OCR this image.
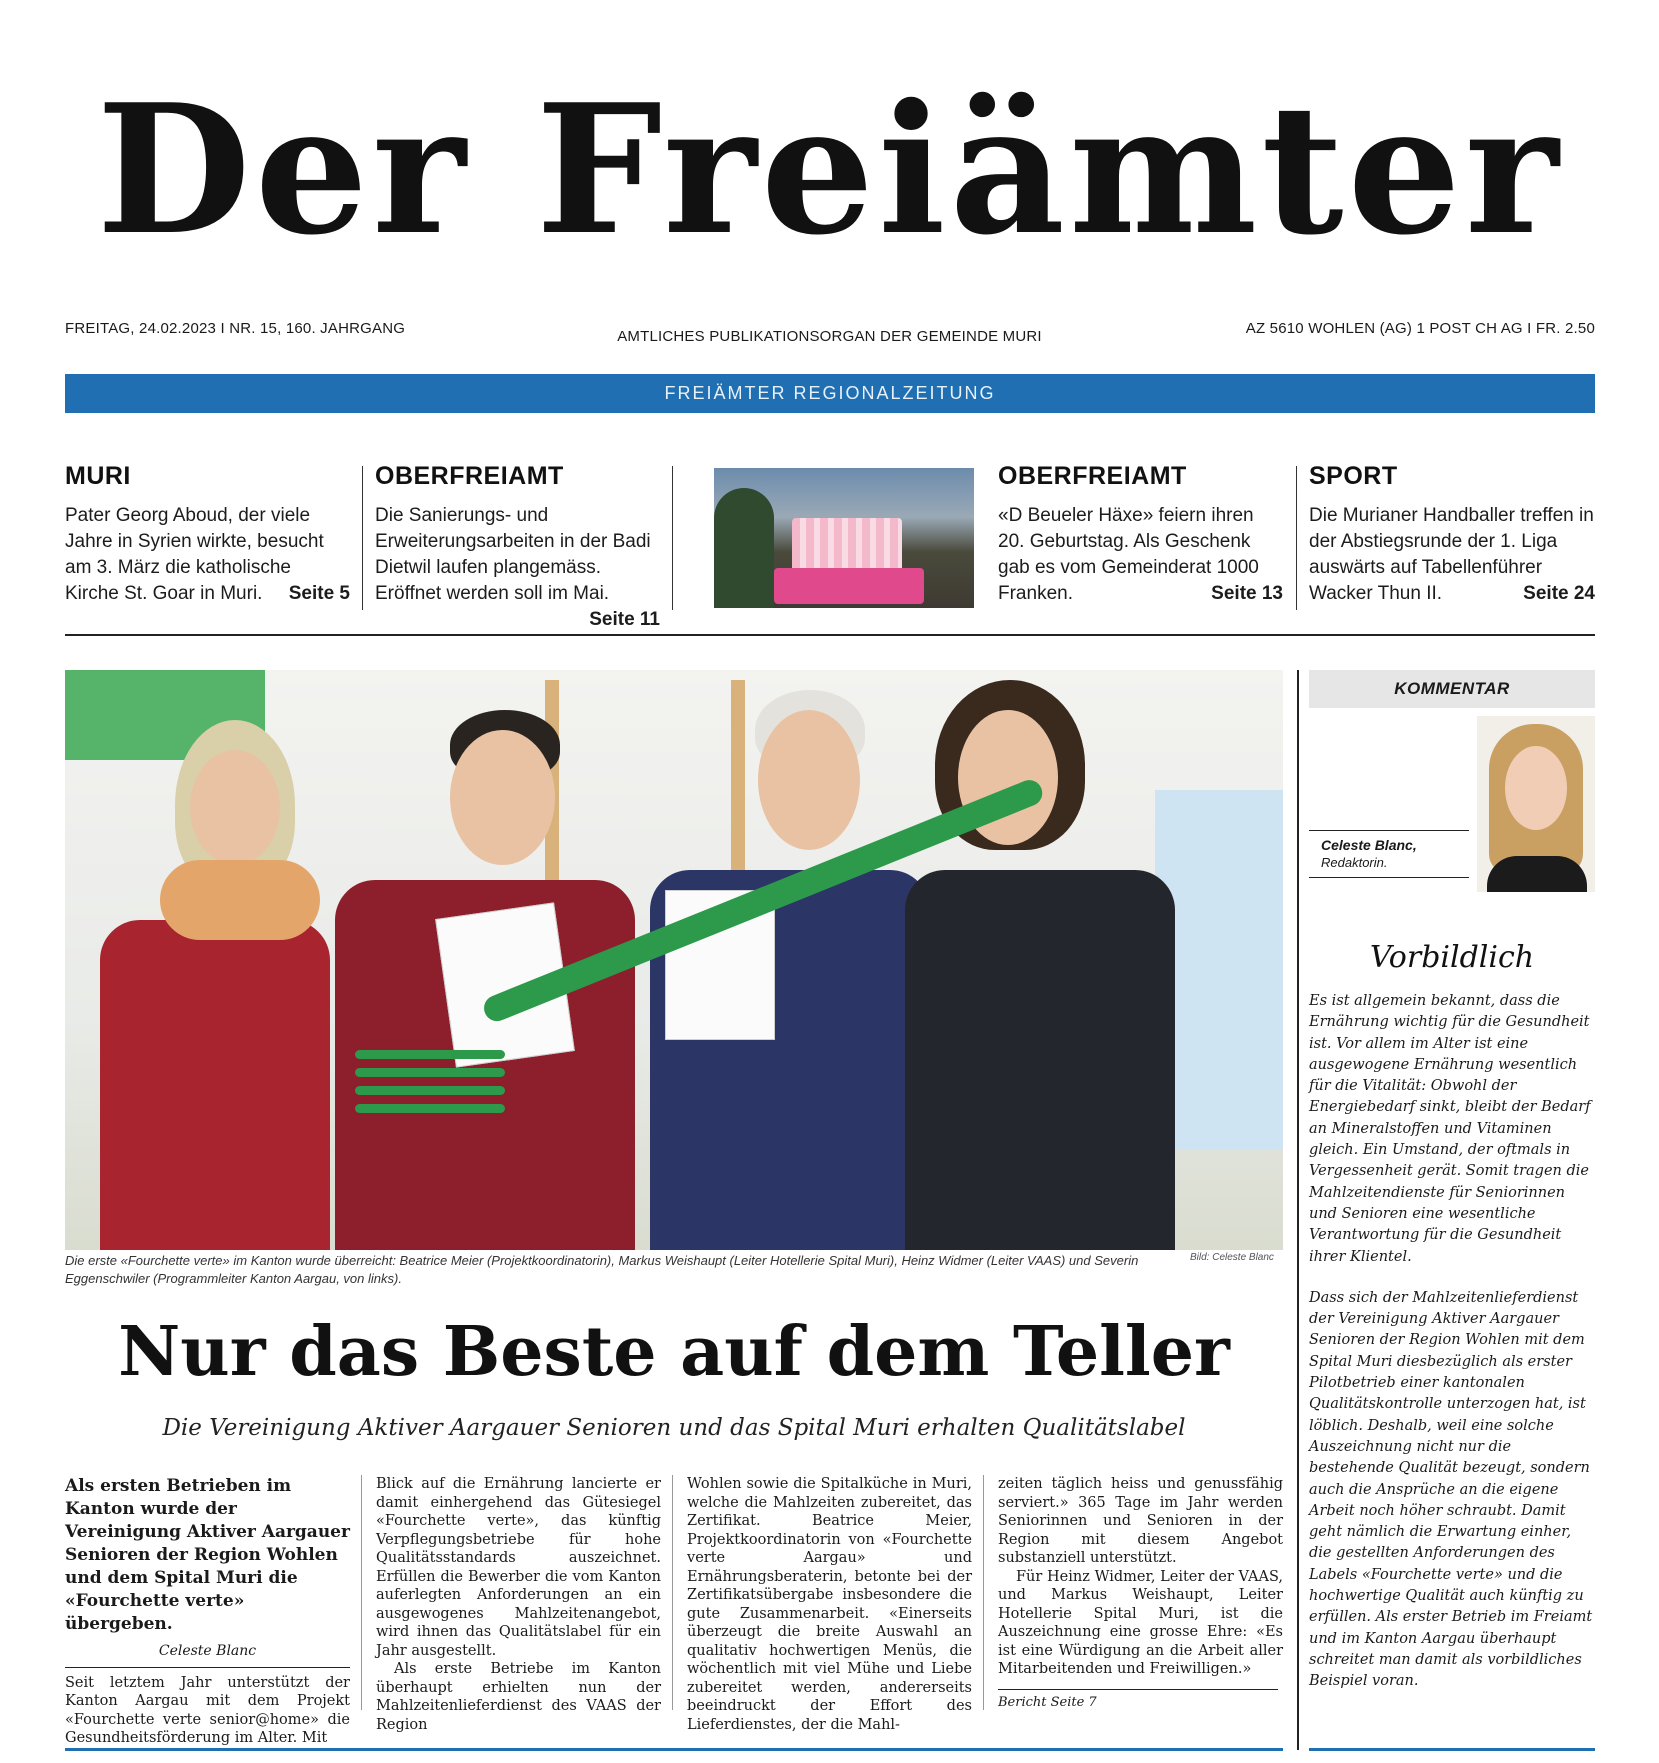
Der Freiämter
FREITAG, 24.02.2023 I NR. 15, 160. JAHRGANG	AMTLICHES PUBLIKATIONSORGAN DER GEMEINDE MURI	AZ 5610 WOHLEN (AG) 1 POST CH AG I FR. 2.50
FREIÄMTER REGIONALZEITUNG
MURI

Pater Georg Aboud, der viele Jahre in Syrien wirkte, besucht am 3. März die katholische Kirche St. Goar in Muri. Seite 5

OBERFREIAMT

Die Sanierungs- und Erweiterungsarbeiten in der Badi Dietwil laufen plangemäss. Eröffnet werden soll im Mai.
Seite 11

OBERFREIAMT

«D Beueler Häxe» feiern ihren 20. Geburtstag. Als Geschenk gab es vom Gemeinderat 1000 Franken.	Seite 13

SPORT

Die Murianer Handballer treffen in der Abstiegsrunde der 1. Liga auswärts auf Tabellenführer Wacker Thun II.	Seite 24

Die erste «Fourchette verte» im Kanton wurde überreicht: Beatrice Meier (Projektkoordinatorin), Markus Weishaupt (Leiter Hotellerie Spital Muri), Heinz Widmer (Leiter VAAS) und Severin Eggenschwiler (Programmleiter Kanton Aargau, von links).
Bild: Celeste Blanc
Nur das Beste auf dem Teller
Die Vereinigung Aktiver Aargauer Senioren und das Spital Muri erhalten Qualitätslabel
Als ersten Betrieben im Kanton wurde der Vereinigung Aktiver Aargauer Senioren der Region Wohlen und dem Spital Muri die «Fourchette verte» übergeben.
Celeste Blanc

Seit letztem Jahr unterstützt der Kanton Aargau mit dem Projekt «Fourchette verte senior@home» die Gesundheitsförderung im Alter. Mit

Blick auf die Ernährung lancierte er damit einhergehend das Gütesiegel «Fourchette verte», das künftig Verpflegungsbetriebe für hohe Qualitätsstandards auszeichnet. Erfüllen die Bewerber die vom Kanton auferlegten Anforderungen an ein ausgewogenes Mahlzeitenangebot, wird ihnen das Qualitätslabel für ein Jahr ausgestellt.

Als erste Betriebe im Kanton überhaupt erhielten nun der Mahlzeitenlieferdienst des VAAS der Region

Wohlen sowie die Spitalküche in Muri, welche die Mahlzeiten zubereitet, das Zertifikat. Beatrice Meier, Projektkoordinatorin von «Fourchette verte Aargau» und Ernährungsberaterin, betonte bei der Zertifikatsübergabe insbesondere die gute Zusammenarbeit. «Einerseits überzeugt die breite Auswahl an qualitativ hochwertigen Menüs, die wöchentlich mit viel Mühe und Liebe zubereitet werden, andererseits beeindruckt der Effort des Lieferdienstes, der die Mahl-

zeiten täglich heiss und genussfähig serviert.» 365 Tage im Jahr werden Seniorinnen und Senioren in der Region mit diesem Angebot substanziell unterstützt.

Für Heinz Widmer, Leiter der VAAS, und Markus Weishaupt, Leiter Hotellerie Spital Muri, ist die Auszeichnung eine grosse Ehre: «Es ist eine Würdigung an die Arbeit aller Mitarbeitenden und Freiwilligen.»

Bericht Seite 7
KOMMENTAR
Celeste Blanc,
Redaktorin.
Vorbildlich

Es ist allgemein bekannt, dass die Ernährung wichtig für die Gesundheit ist. Vor allem im Alter ist eine ausgewogene Ernährung wesentlich für die Vitalität: Obwohl der Energiebedarf sinkt, bleibt der Bedarf an Mineralstoffen und Vitaminen gleich. Ein Umstand, der oftmals in Vergessenheit gerät. Somit tragen die Mahlzeitendienste für Seniorinnen und Senioren eine wesentliche Verantwortung für die Gesundheit ihrer Klientel.

Dass sich der Mahlzeitenlieferdienst der Vereinigung Aktiver Aargauer Senioren der Region Wohlen mit dem Spital Muri diesbezüglich als erster Pilotbetrieb einer kantonalen Qualitätskontrolle unterzogen hat, ist löblich. Deshalb, weil eine solche Auszeichnung nicht nur die bestehende Qualität bezeugt, sondern auch die Ansprüche an die eigene Arbeit noch höher schraubt. Damit geht nämlich die Erwartung einher, die gestellten Anforderungen des Labels «Fourchette verte» und die hochwertige Qualität auch künftig zu erfüllen. Als erster Betrieb im Freiamt und im Kanton Aargau überhaupt schreitet man damit als vorbildliches Beispiel voran.
